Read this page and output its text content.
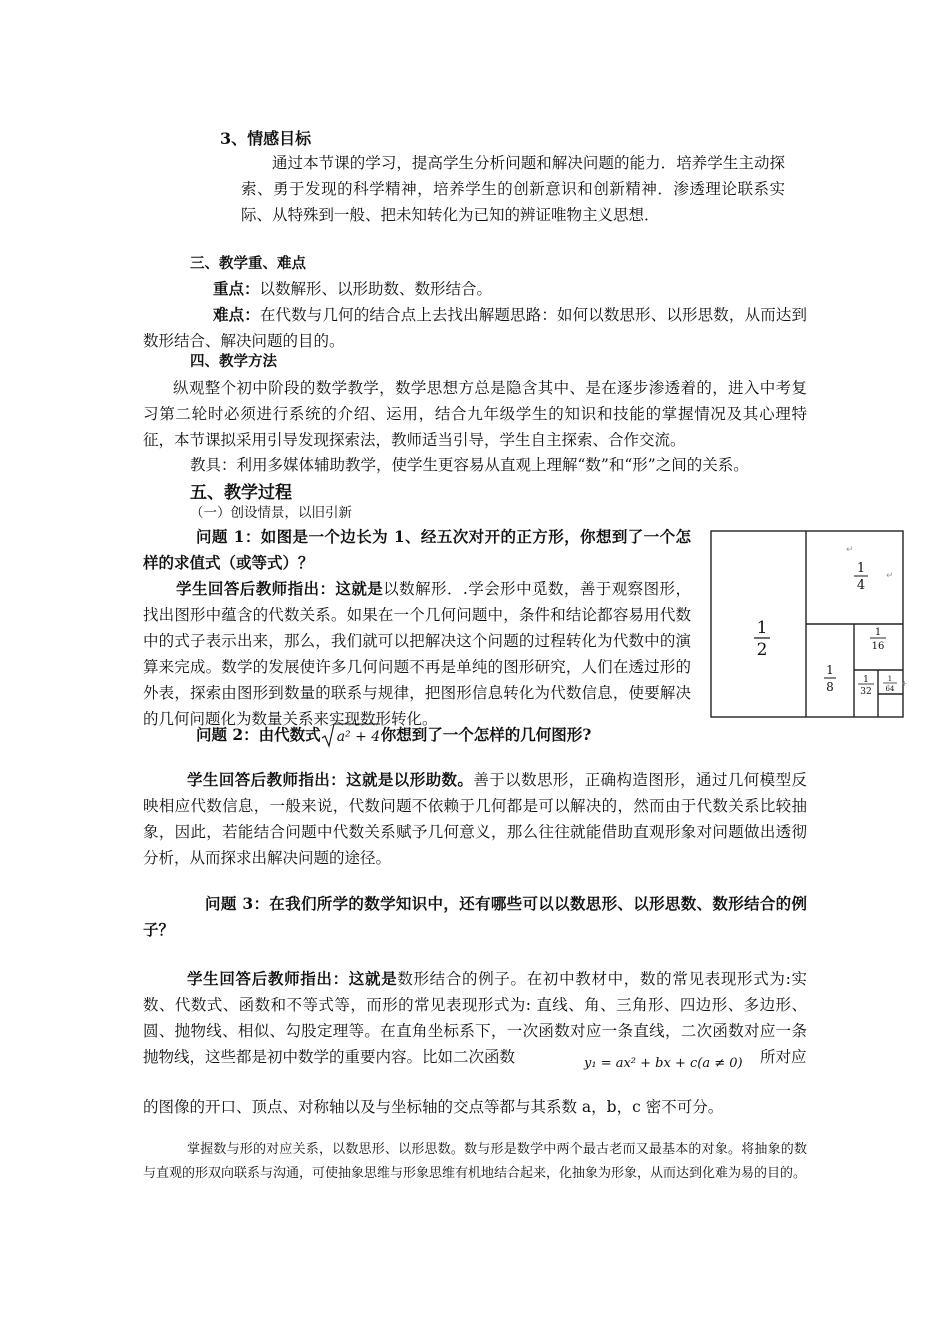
3、情感目标
通过本节课的学习，提高学生分析问题和解决问题的能力．培养学生主动探索、勇于发现的科学精神，培养学生的创新意识和创新精神．渗透理论联系实际、从特殊到一般、把未知转化为已知的辨证唯物主义思想．
三、教学重、难点
重点：以数解形、以形助数、数形结合。
难点：在代数与几何的结合点上去找出解题思路：如何以数思形、以形思数，从而达到数形结合、解决问题的目的。
四、教学方法
纵观整个初中阶段的数学教学，数学思想方总是隐含其中、是在逐步渗透着的，进入中考复习第二轮时必须进行系统的介绍、运用，结合九年级学生的知识和技能的掌握情况及其心理特征，本节课拟采用引导发现探索法，教师适当引导，学生自主探索、合作交流。
教具：利用多媒体辅助教学，使学生更容易从直观上理解“数”和“形”之间的关系。
五、教学过程
（一）创设情景，以旧引新
问题 1：如图是一个边长为 1、经五次对开的正方形，你想到了一个怎样的求值式（或等式）？
学生回答后教师指出：这就是以数解形．.学会形中觅数，善于观察图形，找出图形中蕴含的代数关系。如果在一个几何问题中，条件和结论都容易用代数中的式子表示出来，那么，我们就可以把解决这个问题的过程转化为代数中的演算来完成。数学的发展使许多几何问题不再是单纯的图形研究，人们在透过形的外表，探索由图形到数量的联系与规律，把图形信息转化为代数信息，使要解决的几何问题化为数量关系来实现数形转化。
1
2
1
4
↵
↵
1
8
1
16
1
32
1
64
+
问题 2：由代数式 a² + 4 你想到了一个怎样的几何图形?
学生回答后教师指出：这就是以形助数。善于以数思形，正确构造图形，通过几何模型反映相应代数信息，一般来说，代数问题不依赖于几何都是可以解决的，然而由于代数关系比较抽象，因此，若能结合问题中代数关系赋予几何意义，那么往往就能借助直观形象对问题做出透彻分析，从而探求出解决问题的途径。
问题 3：在我们所学的数学知识中，还有哪些可以以数思形、以形思数、数形结合的例子？
学生回答后教师指出：这就是数形结合的例子。在初中教材中，数的常见表现形式为:实数、代数式、函数和不等式等，而形的常见表现形式为: 直线、角、三角形、四边形、多边形、圆、抛物线、相似、勾股定理等。在直角坐标系下，一次函数对应一条直线，二次函数对应一条抛物线，这些都是初中数学的重要内容。比如二次函数	y₁ = ax² + bx + c(a ≠ 0) 所对应
的图像的开口、顶点、对称轴以及与坐标轴的交点等都与其系数 a，b，c 密不可分。
掌握数与形的对应关系，以数思形、以形思数。数与形是数学中两个最古老而又最基本的对象。将抽象的数与直观的形双向联系与沟通，可使抽象思维与形象思维有机地结合起来，化抽象为形象，从而达到化难为易的目的。
